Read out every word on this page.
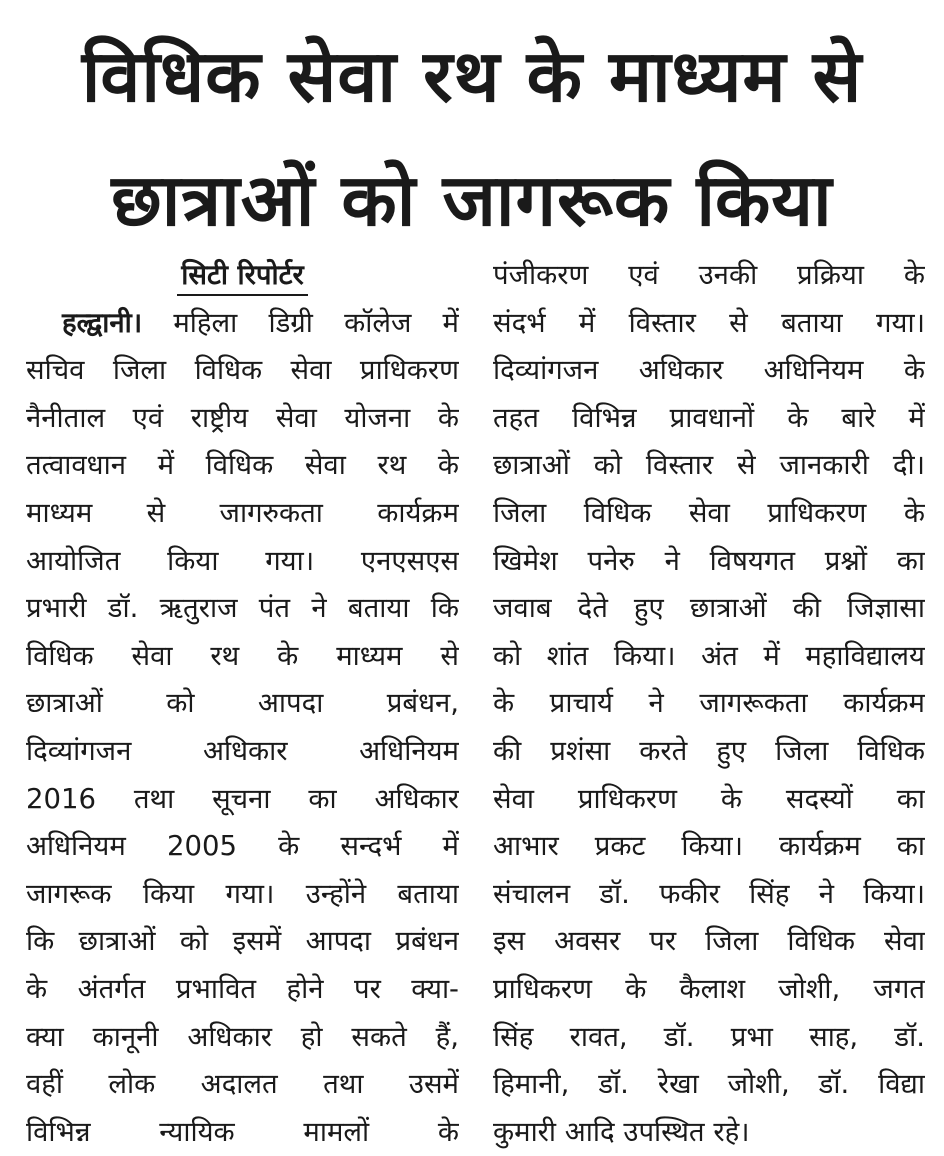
विधिक सेवा रथ के माध्यम से
छात्राओं को जागरूक किया
सिटी रिपोर्टर
हल्द्वानी। महिला डिग्री कॉलेज में
सचिव जिला विधिक सेवा प्राधिकरण
नैनीताल एवं राष्ट्रीय सेवा योजना के
तत्वावधान में विधिक सेवा रथ के
माध्यम से जागरुकता कार्यक्रम
आयोजित किया गया। एनएसएस
प्रभारी डॉ. ऋतुराज पंत ने बताया कि
विधिक सेवा रथ के माध्यम से
छात्राओं को आपदा प्रबंधन,
दिव्यांगजन अधिकार अधिनियम
2016 तथा सूचना का अधिकार
अधिनियम 2005 के सन्दर्भ में
जागरूक किया गया। उन्होंने बताया
कि छात्राओं को इसमें आपदा प्रबंधन
के अंतर्गत प्रभावित होने पर क्या-
क्या कानूनी अधिकार हो सकते हैं,
वहीं लोक अदालत तथा उसमें
विभिन्न न्यायिक मामलों के
पंजीकरण एवं उनकी प्रक्रिया के
संदर्भ में विस्तार से बताया गया।
दिव्यांगजन अधिकार अधिनियम के
तहत विभिन्न प्रावधानों के बारे में
छात्राओं को विस्तार से जानकारी दी।
जिला विधिक सेवा प्राधिकरण के
खिमेश पनेरु ने विषयगत प्रश्नों का
जवाब देते हुए छात्राओं की जिज्ञासा
को शांत किया। अंत में महाविद्यालय
के प्राचार्य ने जागरूकता कार्यक्रम
की प्रशंसा करते हुए जिला विधिक
सेवा प्राधिकरण के सदस्यों का
आभार प्रकट किया। कार्यक्रम का
संचालन डॉ. फकीर सिंह ने किया।
इस अवसर पर जिला विधिक सेवा
प्राधिकरण के कैलाश जोशी, जगत
सिंह रावत, डॉ. प्रभा साह, डॉ.
हिमानी, डॉ. रेखा जोशी, डॉ. विद्या
कुमारी आदि उपस्थित रहे।
